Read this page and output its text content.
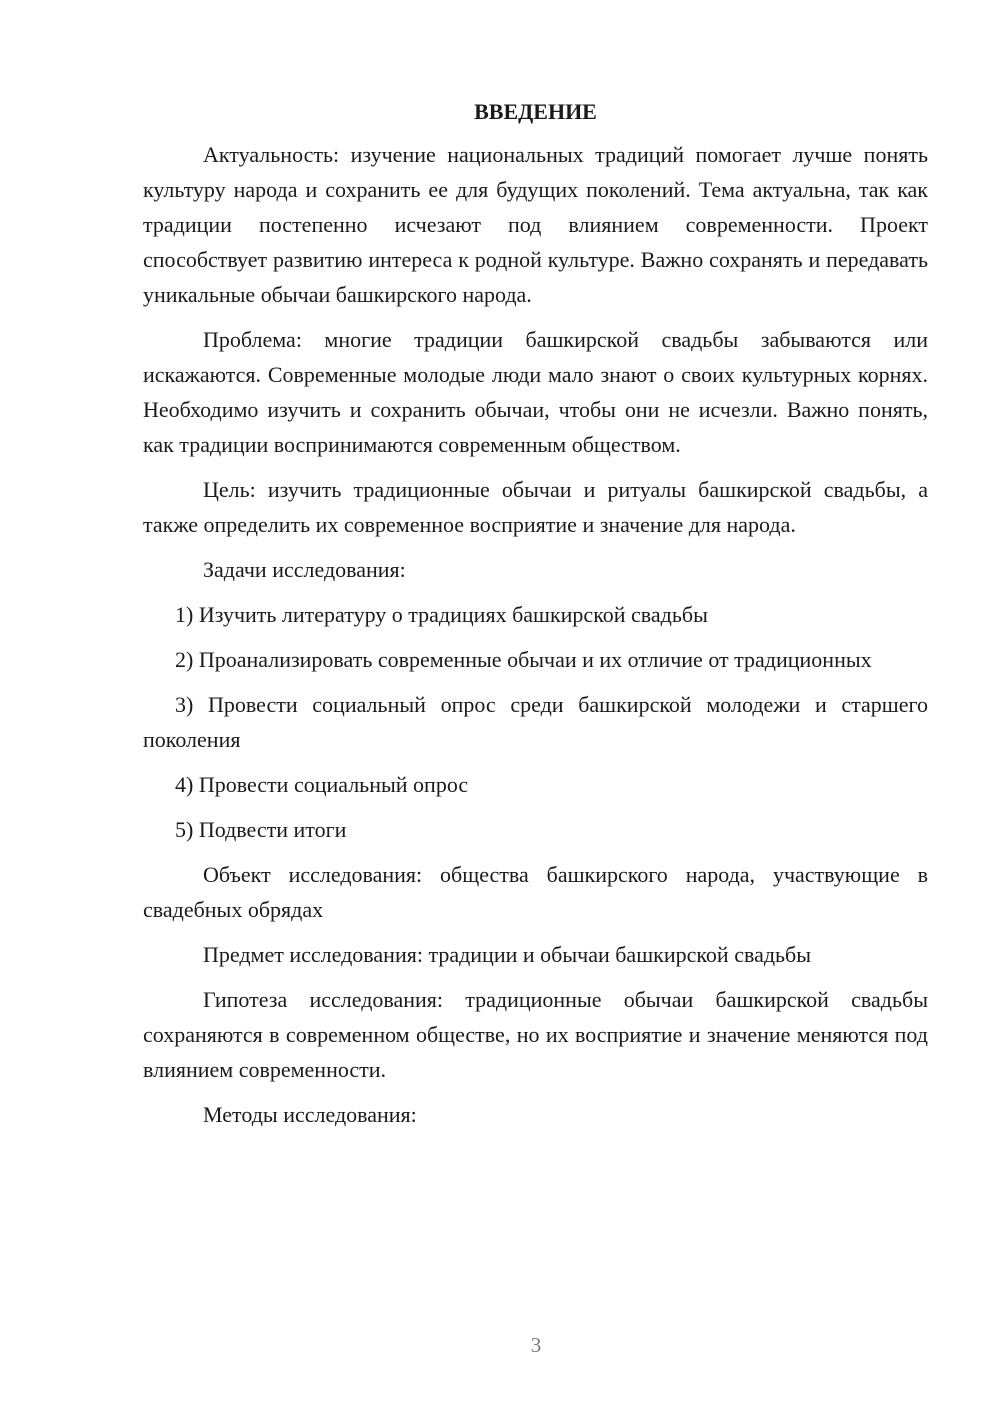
ВВЕДЕНИЕ

Актуальность: изучение национальных традиций помогает лучше понять культуру народа и сохранить ее для будущих поколений. Тема актуальна, так как традиции постепенно исчезают под влиянием современности. Проект способствует развитию интереса к родной культуре. Важно сохранять и передавать уникальные обычаи башкирского народа.

Проблема: многие традиции башкирской свадьбы забываются или искажаются. Современные молодые люди мало знают о своих культурных корнях. Необходимо изучить и сохранить обычаи, чтобы они не исчезли. Важно понять, как традиции воспринимаются современным обществом.

Цель: изучить традиционные обычаи и ритуалы башкирской свадьбы, а также определить их современное восприятие и значение для народа.

Задачи исследования:

1) Изучить литературу о традициях башкирской свадьбы

2) Проанализировать современные обычаи и их отличие от традиционных

3) Провести социальный опрос среди башкирской молодежи и старшего поколения

4) Провести социальный опрос

5) Подвести итоги

Объект исследования: общества башкирского народа, участвующие в свадебных обрядах

Предмет исследования: традиции и обычаи башкирской свадьбы

Гипотеза исследования: традиционные обычаи башкирской свадьбы сохраняются в современном обществе, но их восприятие и значение меняются под влиянием современности.

Методы исследования:

3
